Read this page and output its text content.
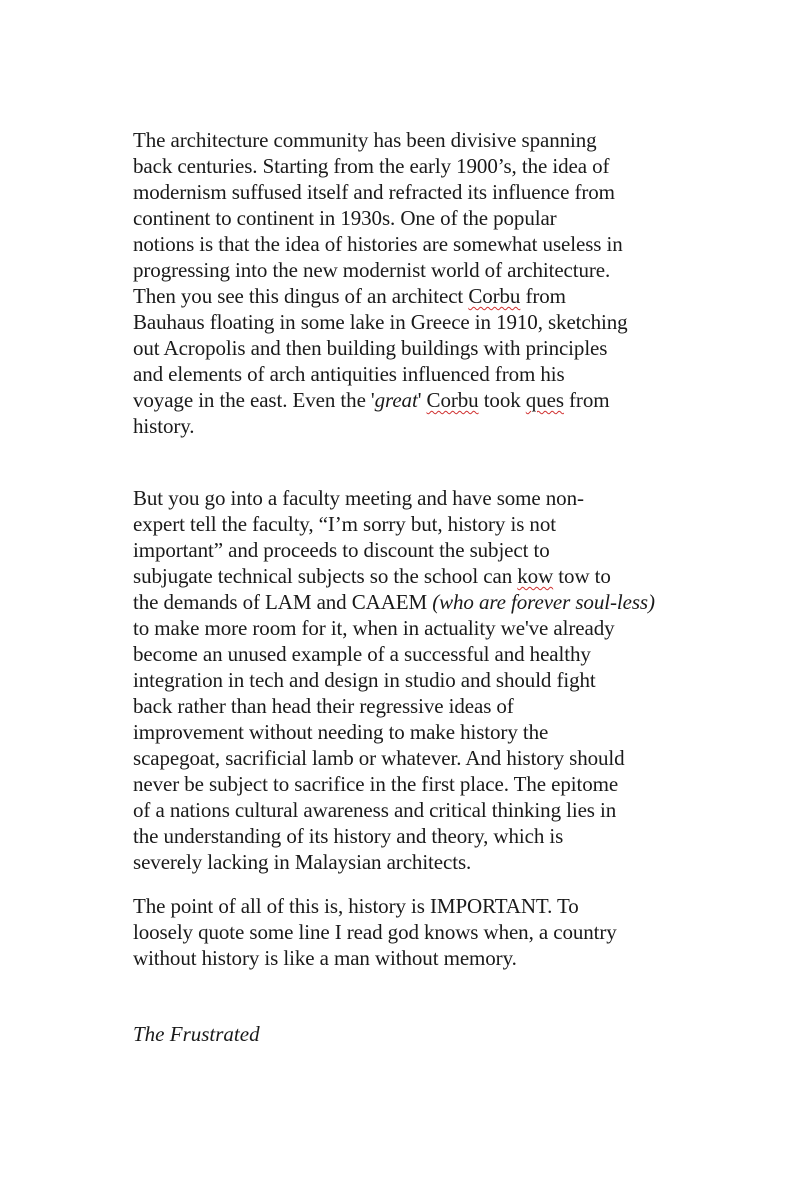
The architecture community has been divisive spanning
back centuries. Starting from the early 1900’s, the idea of
modernism suffused itself and refracted its influence from
continent to continent in 1930s. One of the popular
notions is that the idea of histories are somewhat useless in
progressing into the new modernist world of architecture.
Then you see this dingus of an architect Corbu from
Bauhaus floating in some lake in Greece in 1910, sketching
out Acropolis and then building buildings with principles
and elements of arch antiquities influenced from his
voyage in the east. Even the 'great' Corbu took ques from
history.
But you go into a faculty meeting and have some non-
expert tell the faculty, “I’m sorry but, history is not
important” and proceeds to discount the subject to
subjugate technical subjects so the school can kow tow to
the demands of LAM and CAAEM (who are forever soul-less)
to make more room for it, when in actuality we've already
become an unused example of a successful and healthy
integration in tech and design in studio and should fight
back rather than head their regressive ideas of
improvement without needing to make history the
scapegoat, sacrificial lamb or whatever. And history should
never be subject to sacrifice in the first place. The epitome
of a nations cultural awareness and critical thinking lies in
the understanding of its history and theory, which is
severely lacking in Malaysian architects.
The point of all of this is, history is IMPORTANT. To
loosely quote some line I read god knows when, a country
without history is like a man without memory.
The Frustrated
